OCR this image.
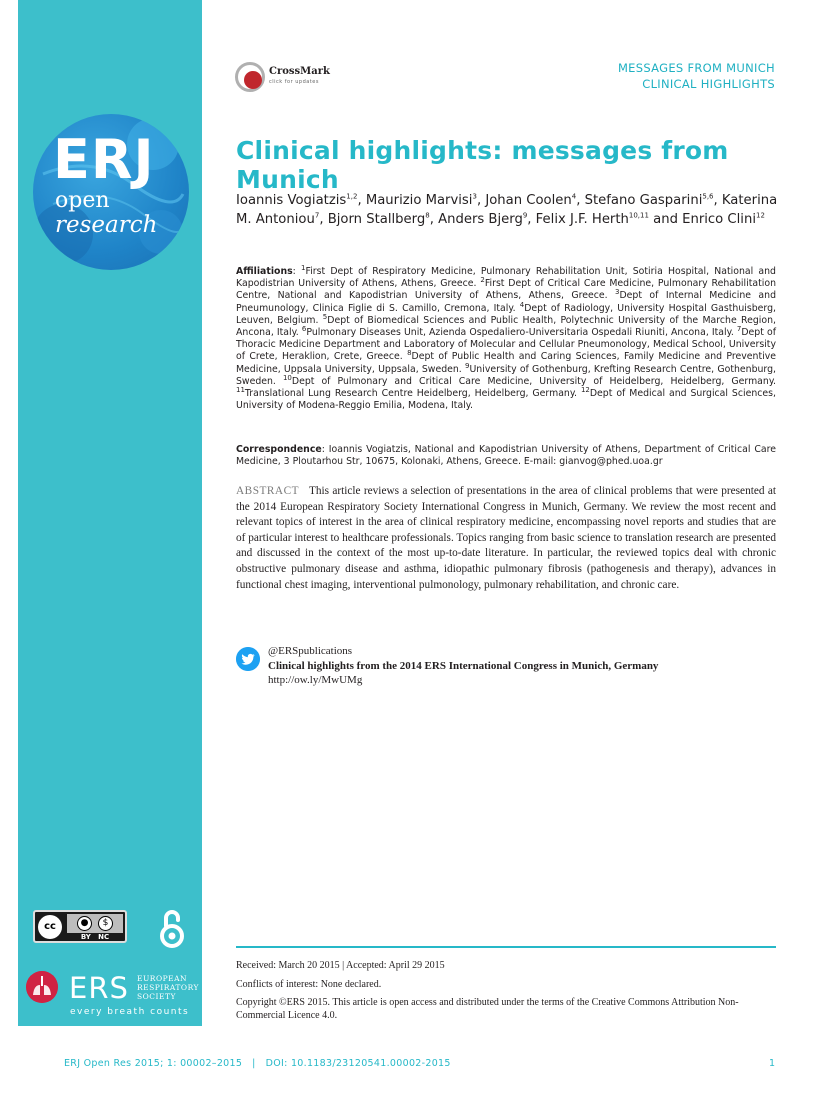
ERJ
open
research
cc	●	$
BY NC
ERS EUROPEAN
RESPIRATORY
SOCIETY
every breath counts
CrossMark
click for updates
MESSAGES FROM MUNICH
CLINICAL HIGHLIGHTS
Clinical highlights: messages from Munich
Ioannis Vogiatzis$^{1,2}$, Maurizio Marvisi$^3$, Johan Coolen$^4$, Stefano Gasparini$^{5,6}$, Katerina M. Antoniou$^7$, Bjorn Stallberg$^8$, Anders Bjerg$^9$, Felix J.F. Herth$^{10,11}$ and Enrico Clini$^{12}$
Affiliations: $^1$First Dept of Respiratory Medicine, Pulmonary Rehabilitation Unit, Sotiria Hospital, National and Kapodistrian University of Athens, Athens, Greece. $^2$First Dept of Critical Care Medicine, Pulmonary Rehabilitation Centre, National and Kapodistrian University of Athens, Athens, Greece. $^3$Dept of Internal Medicine and Pneumunology, Clinica Figlie di S. Camillo, Cremona, Italy. $^4$Dept of Radiology, University Hospital Gasthuisberg, Leuven, Belgium. $^5$Dept of Biomedical Sciences and Public Health, Polytechnic University of the Marche Region, Ancona, Italy. $^6$Pulmonary Diseases Unit, Azienda Ospedaliero-Universitaria Ospedali Riuniti, Ancona, Italy. $^7$Dept of Thoracic Medicine Department and Laboratory of Molecular and Cellular Pneumonology, Medical School, University of Crete, Heraklion, Crete, Greece. $^8$Dept of Public Health and Caring Sciences, Family Medicine and Preventive Medicine, Uppsala University, Uppsala, Sweden. $^9$University of Gothenburg, Krefting Research Centre, Gothenburg, Sweden. $^{10}$Dept of Pulmonary and Critical Care Medicine, University of Heidelberg, Heidelberg, Germany. $^{11}$Translational Lung Research Centre Heidelberg, Heidelberg, Germany. $^{12}$Dept of Medical and Surgical Sciences, University of Modena-Reggio Emilia, Modena, Italy.
Correspondence: Ioannis Vogiatzis, National and Kapodistrian University of Athens, Department of Critical Care Medicine, 3 Ploutarhou Str, 10675, Kolonaki, Athens, Greece. E-mail: gianvog@phed.uoa.gr
ABSTRACT This article reviews a selection of presentations in the area of clinical problems that were presented at the 2014 European Respiratory Society International Congress in Munich, Germany. We review the most recent and relevant topics of interest in the area of clinical respiratory medicine, encompassing novel reports and studies that are of particular interest to healthcare professionals. Topics ranging from basic science to translation research are presented and discussed in the context of the most up-to-date literature. In particular, the reviewed topics deal with chronic obstructive pulmonary disease and asthma, idiopathic pulmonary fibrosis (pathogenesis and therapy), advances in functional chest imaging, interventional pulmonology, pulmonary rehabilitation, and chronic care.
@ERSpublications
Clinical highlights from the 2014 ERS International Congress in Munich, Germany
http://ow.ly/MwUMg

Received: March 20 2015 | Accepted: April 29 2015

Conflicts of interest: None declared.

Copyright ©ERS 2015. This article is open access and distributed under the terms of the Creative Commons Attribution Non-Commercial Licence 4.0.

ERJ Open Res 2015; 1: 00002–2015   |   DOI: 10.1183/23120541.00002-2015	1
